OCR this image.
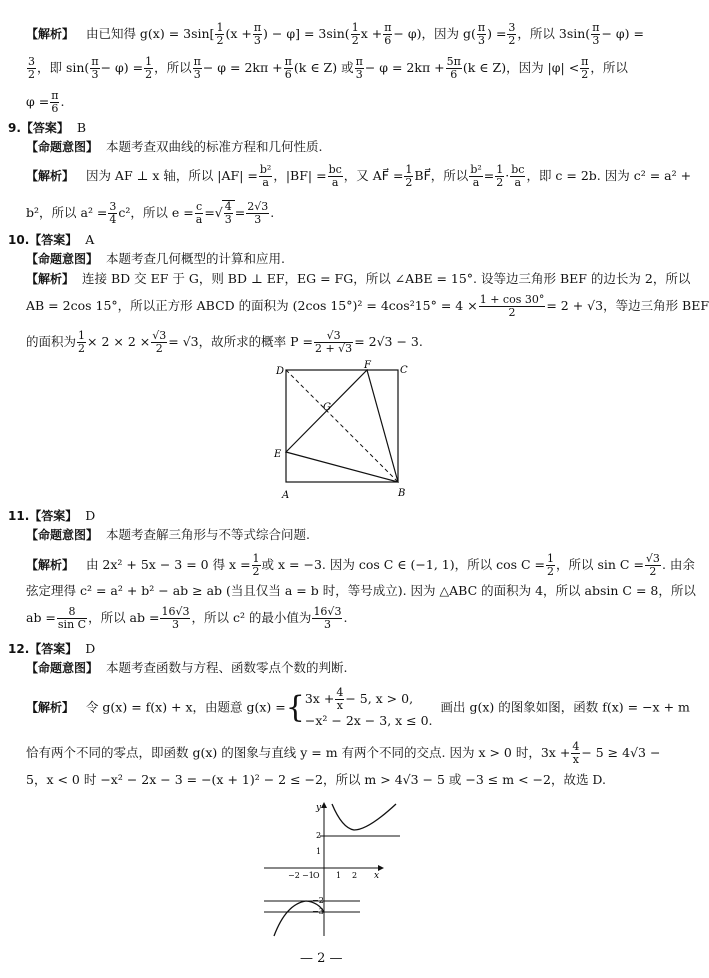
【解析】 由已知得 $g(x) = 3\sin[ \frac{1}{2} (x + \frac{\pi}{3}$ ) − $\varphi] = 3\sin( \frac{1}{2}$ $x + \frac{\pi}{6} - \varphi$)，因为 $g( \frac{\pi}{3}$ ) = $\frac{3}{2}$ ，所以 $3\sin( \frac{\pi}{3} - \varphi)$ =
$\frac{3}{2}$ ，即 $\sin( \frac{\pi}{3} - \varphi) = \frac{1}{2}$ ，所以 $\frac{\pi}{3} - \varphi = 2k\pi + \frac{\pi}{6} (k$ ∈ Z) 或 $\frac{\pi}{3} - \varphi = 2k\pi + \frac{5\pi}{6} (k$ ∈ Z)，因为 $|\varphi| < \frac{\pi}{2}$ ，所以
$\varphi = \frac{\pi}{6}$ .
9.【答案】 B
【命题意图】 本题考查双曲线的标准方程和几何性质.
【解析】 因为 AF ⊥ x 轴，所以 $|AF| = \frac{\text{b²}}{a}$ ，$|BF| = \frac{bc}{a}$ ，又 AF⃗ = $\frac{1}{2}$ BF⃗，所以 $\frac{\text{b²}}{a} = \frac{1}{2} \cdot \frac{bc}{a}$ ，即 c = 2b. 因为 c² = a² +
b²，所以 $a^2 = \frac{3}{4} c^2$，所以 $e = \frac{c}{a}$ =√ $\frac{4}{3} = \frac{2√3}{3}$ .
10.【答案】 A
【命题意图】 本题考查几何概型的计算和应用.
【解析】 连接 BD 交 EF 于 G，则 BD ⊥ EF，EG = FG，所以 ∠ABE = 15°. 设等边三角形 BEF 的边长为 2，所以
AB = 2cos 15°，所以正方形 ABCD 的面积为 (2cos $15^\circ)^2 = 4\cos^215^\circ = 4 \times \frac{1 + \cos 30^\circ}{2} = 2 + √3$，等边三角形 BEF
的面积为 $\frac{1}{2} \times 2 \times 2 \times \frac{√3}{2} = √3$，故所求的概率 $P = \frac{√3}{2 + √3} = 2√3 - 3$.
D
F	C
G
E
A	B
11.【答案】 D
【命题意图】 本题考查解三角形与不等式综合问题.
【解析】 由 2x² + 5x − 3 = 0 得 $x = \frac{1}{2}$ 或 x = −3. 因为 cos C ∈ (−1, 1)，所以 $\cos C = \frac{1}{2}$ ，所以 $\sin C = \frac{√3}{2}$ . 由余
弦定理得 c² = a² + b² − ab ≥ ab (当且仅当 a = b 时，等号成立). 因为 △ABC 的面积为 4，所以 absin C = 8，所以
ab = $\frac{8}{\text{sin C}}$ ，所以 ab = $\frac{16√3}{3}$ ，所以 c² 的最小值为 $\frac{16√3}{3}$ .
12.【答案】 D
【命题意图】 本题考查函数与方程、函数零点个数的判断.
【解析】 令 g(x) = f(x) + x，由题意 g(x) ={ $3x + \frac{4}{x} - 5$, x > 0,
−x² − 2x − 3, x ≤ 0.
画出 g(x) 的图象如图，函数 f(x) = −x + m
恰有两个不同的零点，即函数 g(x) 的图象与直线 y = m 有两个不同的交点. 因为 x > 0 时，$3x + \frac{4}{x} - 5 \ge 4√3$ −
5，x < 0 时 −x² − 2x − 3 = −(x + 1)² − 2 ≤ −2，所以 m > 4√3 − 5 或 −3 ≤ m < −2，故选 D.
y
x
O
−2 −1	1 2
2
1
−2
−3
— 2 —
